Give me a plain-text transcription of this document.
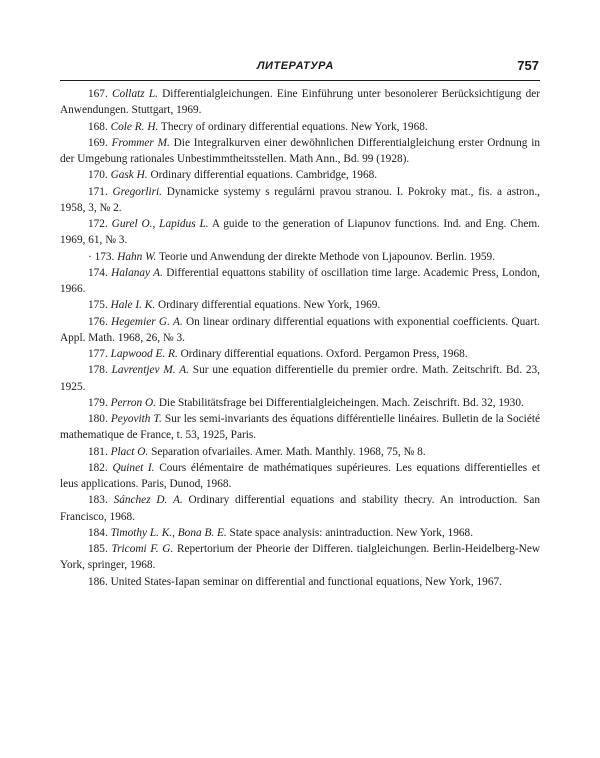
ЛИТЕРАТУРА	757

167. Collatz L. Differentialgleichungen. Eine Einführung unter besonolerer Berücksichtigung der Anwendungen. Stuttgart, 1969.

168. Cole R. H. Thecry of ordinary differential equations. New York, 1968.

169. Frommer M. Die Integralkurven einer dewöhnlichen Differentialgleichung erster Ordnung in der Umgebung rationales Unbestimmtheitsstellen. Math Ann., Bd. 99 (1928).

170. Gask H. Ordinary differential equations. Cambridge, 1968.

171. Gregorliri. Dynamicke systemy s regulárni pravou stranou. I. Pokroky mat., fis. a astron., 1958, 3, № 2.

172. Gurel O., Lapidus L. A guide to the generation of Liapunov functions. Ind. and Eng. Chem. 1969, 61, № 3.

· 173. Hahn W. Teorie und Anwendung der direkte Methode von Ljapounov. Berlin. 1959.

174. Halanay A. Differential equattons stability of oscillation time large. Academic Press, London, 1966.

175. Hale I. K. Ordinary differential equations. New York, 1969.

176. Hegemier G. A. On linear ordinary differential equations with exponential coefficients. Quart. Appl. Math. 1968, 26, № 3.

177. Lapwood E. R. Ordinary differential equations. Oxford. Pergamon Press, 1968.

178. Lavrentjev M. A. Sur une equation differentielle du premier ordre. Math. Zeitschrift. Bd. 23, 1925.

179. Perron O. Die Stabilitätsfrage bei Differentialgleicheingen. Mach. Zeischrift. Bd. 32, 1930.

180. Peyovith T. Sur les semi-invariants des équations différentielle linéaires. Bulletin de la Société mathematique de France, t. 53, 1925, Paris.

181. Plact O. Separation ofvariailes. Amer. Math. Manthly. 1968, 75, № 8.

182. Quinet I. Cours élémentaire de mathématiques supérieures. Les equations differentielles et leus applications. Paris, Dunod, 1968.

183. Sánchez D. A. Ordinary differential equations and stability thecry. An introduction. San Francisco, 1968.

184. Timothy L. K., Bona B. E. State space analysis: anintraduction. New York, 1968.

185. Tricomi F. G. Repertorium der Pheorie der Differen. tialgleichungen. Berlin-Heidelberg-New York, springer, 1968.

186. United States-Iapan seminar on differential and functional equations, New York, 1967.
